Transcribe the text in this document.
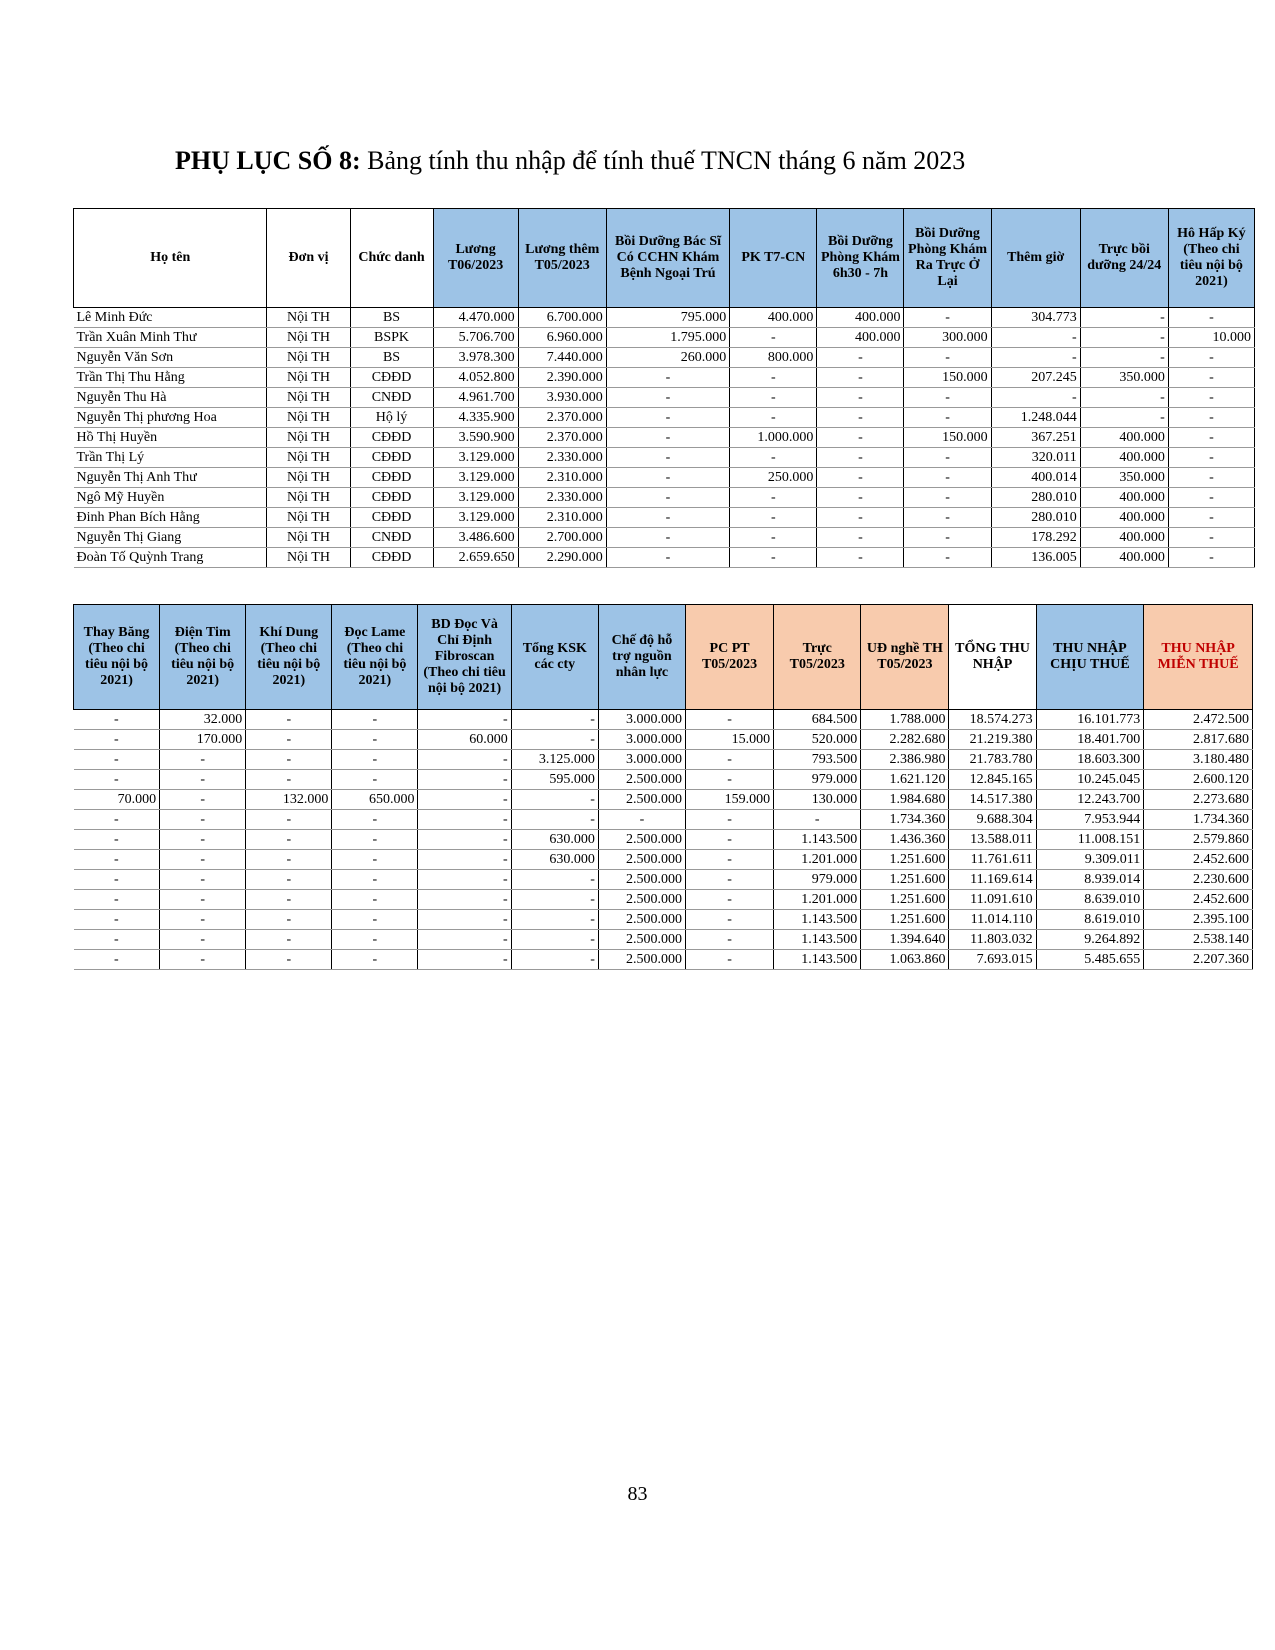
PHỤ LỤC SỐ 8: Bảng tính thu nhập để tính thuế TNCN tháng 6 năm 2023
Họ tên	Đơn vị	Chức danh	Lương T06/2023	Lương thêm T05/2023	Bồi Dưỡng Bác Sĩ Có CCHN Khám Bệnh Ngoại Trú	PK T7-CN	Bồi Dưỡng Phòng Khám 6h30 - 7h	Bồi Dưỡng Phòng Khám Ra Trực Ở Lại	Thêm giờ	Trực bồi dưỡng 24/24	Hô Hấp Ký (Theo chi tiêu nội bộ 2021)
Lê Minh Đức	Nội TH	BS	4.470.000	6.700.000	795.000	400.000	400.000	-	304.773	-	-
Trần Xuân Minh Thư	Nội TH	BSPK	5.706.700	6.960.000	1.795.000	-	400.000	300.000	-	-	10.000
Nguyễn Văn Sơn	Nội TH	BS	3.978.300	7.440.000	260.000	800.000	-	-	-	-	-
Trần Thị Thu Hằng	Nội TH	CĐĐD	4.052.800	2.390.000	-	-	-	150.000	207.245	350.000	-
Nguyễn Thu Hà	Nội TH	CNĐD	4.961.700	3.930.000	-	-	-	-	-	-	-
Nguyễn Thị phương Hoa	Nội TH	Hộ lý	4.335.900	2.370.000	-	-	-	-	1.248.044	-	-
Hồ Thị Huyền	Nội TH	CĐĐD	3.590.900	2.370.000	-	1.000.000	-	150.000	367.251	400.000	-
Trần Thị Lý	Nội TH	CĐĐD	3.129.000	2.330.000	-	-	-	-	320.011	400.000	-
Nguyễn Thị Anh Thư	Nội TH	CĐĐD	3.129.000	2.310.000	-	250.000	-	-	400.014	350.000	-
Ngô Mỹ Huyền	Nội TH	CĐĐD	3.129.000	2.330.000	-	-	-	-	280.010	400.000	-
Đinh Phan Bích Hằng	Nội TH	CĐĐD	3.129.000	2.310.000	-	-	-	-	280.010	400.000	-
Nguyễn Thị Giang	Nội TH	CNĐD	3.486.600	2.700.000	-	-	-	-	178.292	400.000	-
Đoàn Tố Quỳnh Trang	Nội TH	CĐĐD	2.659.650	2.290.000	-	-	-	-	136.005	400.000	-
Thay Băng (Theo chi tiêu nội bộ 2021)	Điện Tim (Theo chi tiêu nội bộ 2021)	Khí Dung (Theo chi tiêu nội bộ 2021)	Đọc Lame (Theo chi tiêu nội bộ 2021)	BD Đọc Và Chỉ Định Fibroscan (Theo chi tiêu nội bộ 2021)	Tổng KSK các cty	Chế độ hỗ trợ nguồn nhân lực	PC PT T05/2023	Trực T05/2023	UĐ nghề TH T05/2023	TỔNG THU NHẬP	THU NHẬP CHỊU THUẾ	THU NHẬP MIỄN THUẾ
-	32.000	-	-	-	-	3.000.000	-	684.500	1.788.000	18.574.273	16.101.773	2.472.500
-	170.000	-	-	60.000	-	3.000.000	15.000	520.000	2.282.680	21.219.380	18.401.700	2.817.680
-	-	-	-	-	3.125.000	3.000.000	-	793.500	2.386.980	21.783.780	18.603.300	3.180.480
-	-	-	-	-	595.000	2.500.000	-	979.000	1.621.120	12.845.165	10.245.045	2.600.120
70.000	-	132.000	650.000	-	-	2.500.000	159.000	130.000	1.984.680	14.517.380	12.243.700	2.273.680
-	-	-	-	-	-	-	-	-	1.734.360	9.688.304	7.953.944	1.734.360
-	-	-	-	-	630.000	2.500.000	-	1.143.500	1.436.360	13.588.011	11.008.151	2.579.860
-	-	-	-	-	630.000	2.500.000	-	1.201.000	1.251.600	11.761.611	9.309.011	2.452.600
-	-	-	-	-	-	2.500.000	-	979.000	1.251.600	11.169.614	8.939.014	2.230.600
-	-	-	-	-	-	2.500.000	-	1.201.000	1.251.600	11.091.610	8.639.010	2.452.600
-	-	-	-	-	-	2.500.000	-	1.143.500	1.251.600	11.014.110	8.619.010	2.395.100
-	-	-	-	-	-	2.500.000	-	1.143.500	1.394.640	11.803.032	9.264.892	2.538.140
-	-	-	-	-	-	2.500.000	-	1.143.500	1.063.860	7.693.015	5.485.655	2.207.360
83
